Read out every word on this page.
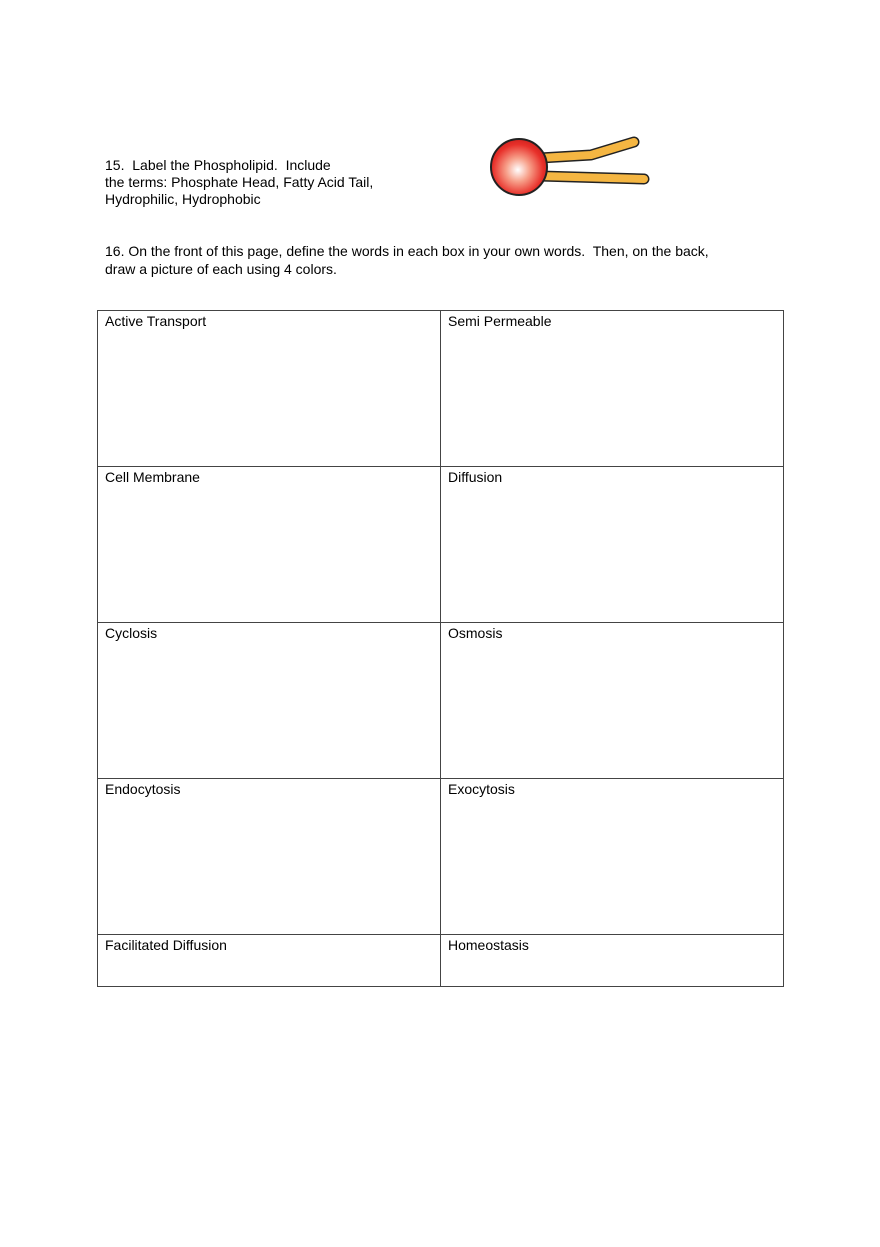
15.  Label the Phospholipid.  Include
the terms: Phosphate Head, Fatty Acid Tail,
Hydrophilic, Hydrophobic
16. On the front of this page, define the words in each box in your own words.  Then, on the back,
draw a picture of each using 4 colors.
Active Transport	Semi Permeable
Cell Membrane	Diffusion
Cyclosis	Osmosis
Endocytosis	Exocytosis
Facilitated Diffusion	Homeostasis
